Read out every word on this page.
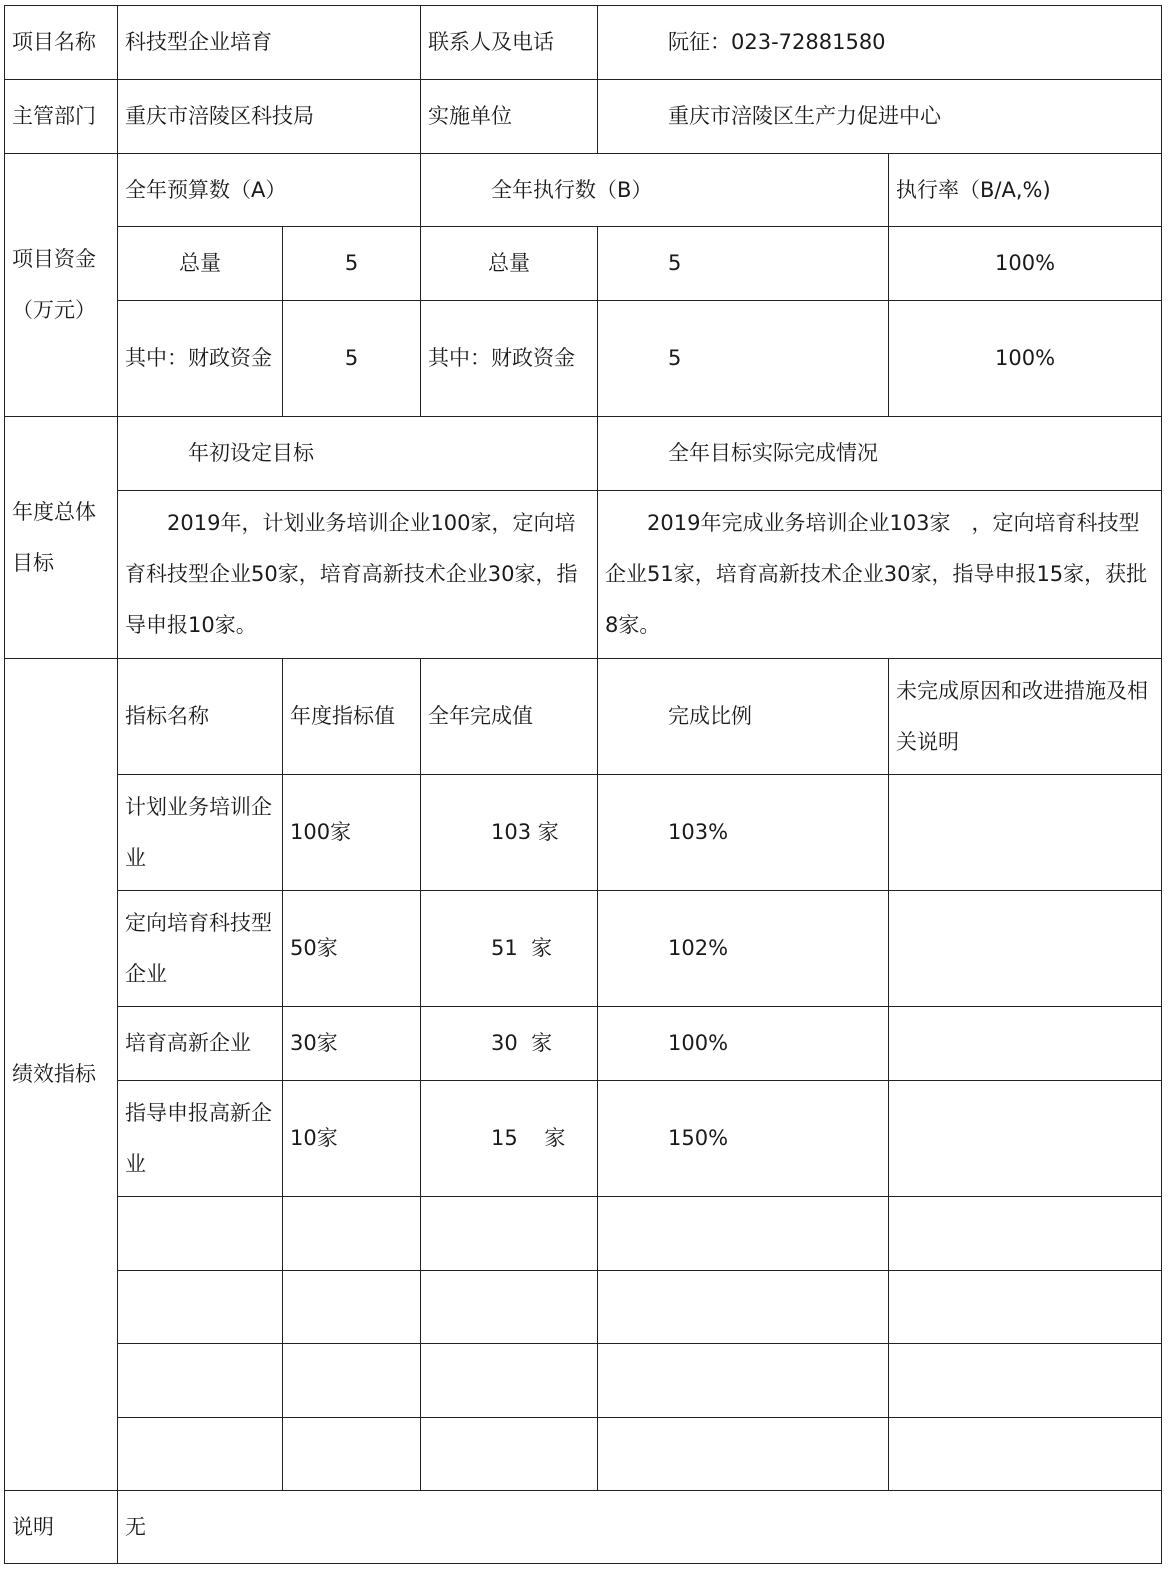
项目名称	科技型企业培育		联系人及电话	阮征：023-72881580	
主管部门	重庆市涪陵区科技局		实施单位	重庆市涪陵区生产力促进中心	
项目资金（万元）	全年预算数（A）		全年执行数（B）		执行率（B/A,%)
	总量	5	总量	5	100%
	其中：财政资金	5	其中：财政资金	5	100%
年度总体目标	年初设定目标			全年目标实际完成情况	
	2019年，计划业务培训企业100家，定向培育科技型企业50家，培育高新技术企业30家，指导申报10家。			2019年完成业务培训企业103家　，定向培育科技型企业51家，培育高新技术企业30家，指导申报15家，获批8家。	
绩效指标	指标名称	年度指标值	全年完成值	完成比例	未完成原因和改进措施及相关说明
	计划业务培训企业	100家	103 家	103%	
	定向培育科技型企业	50家	51  家	102%	
	培育高新企业	30家	30  家	100%	
	指导申报高新企业	10家	15    家	150%	

说明	无				
